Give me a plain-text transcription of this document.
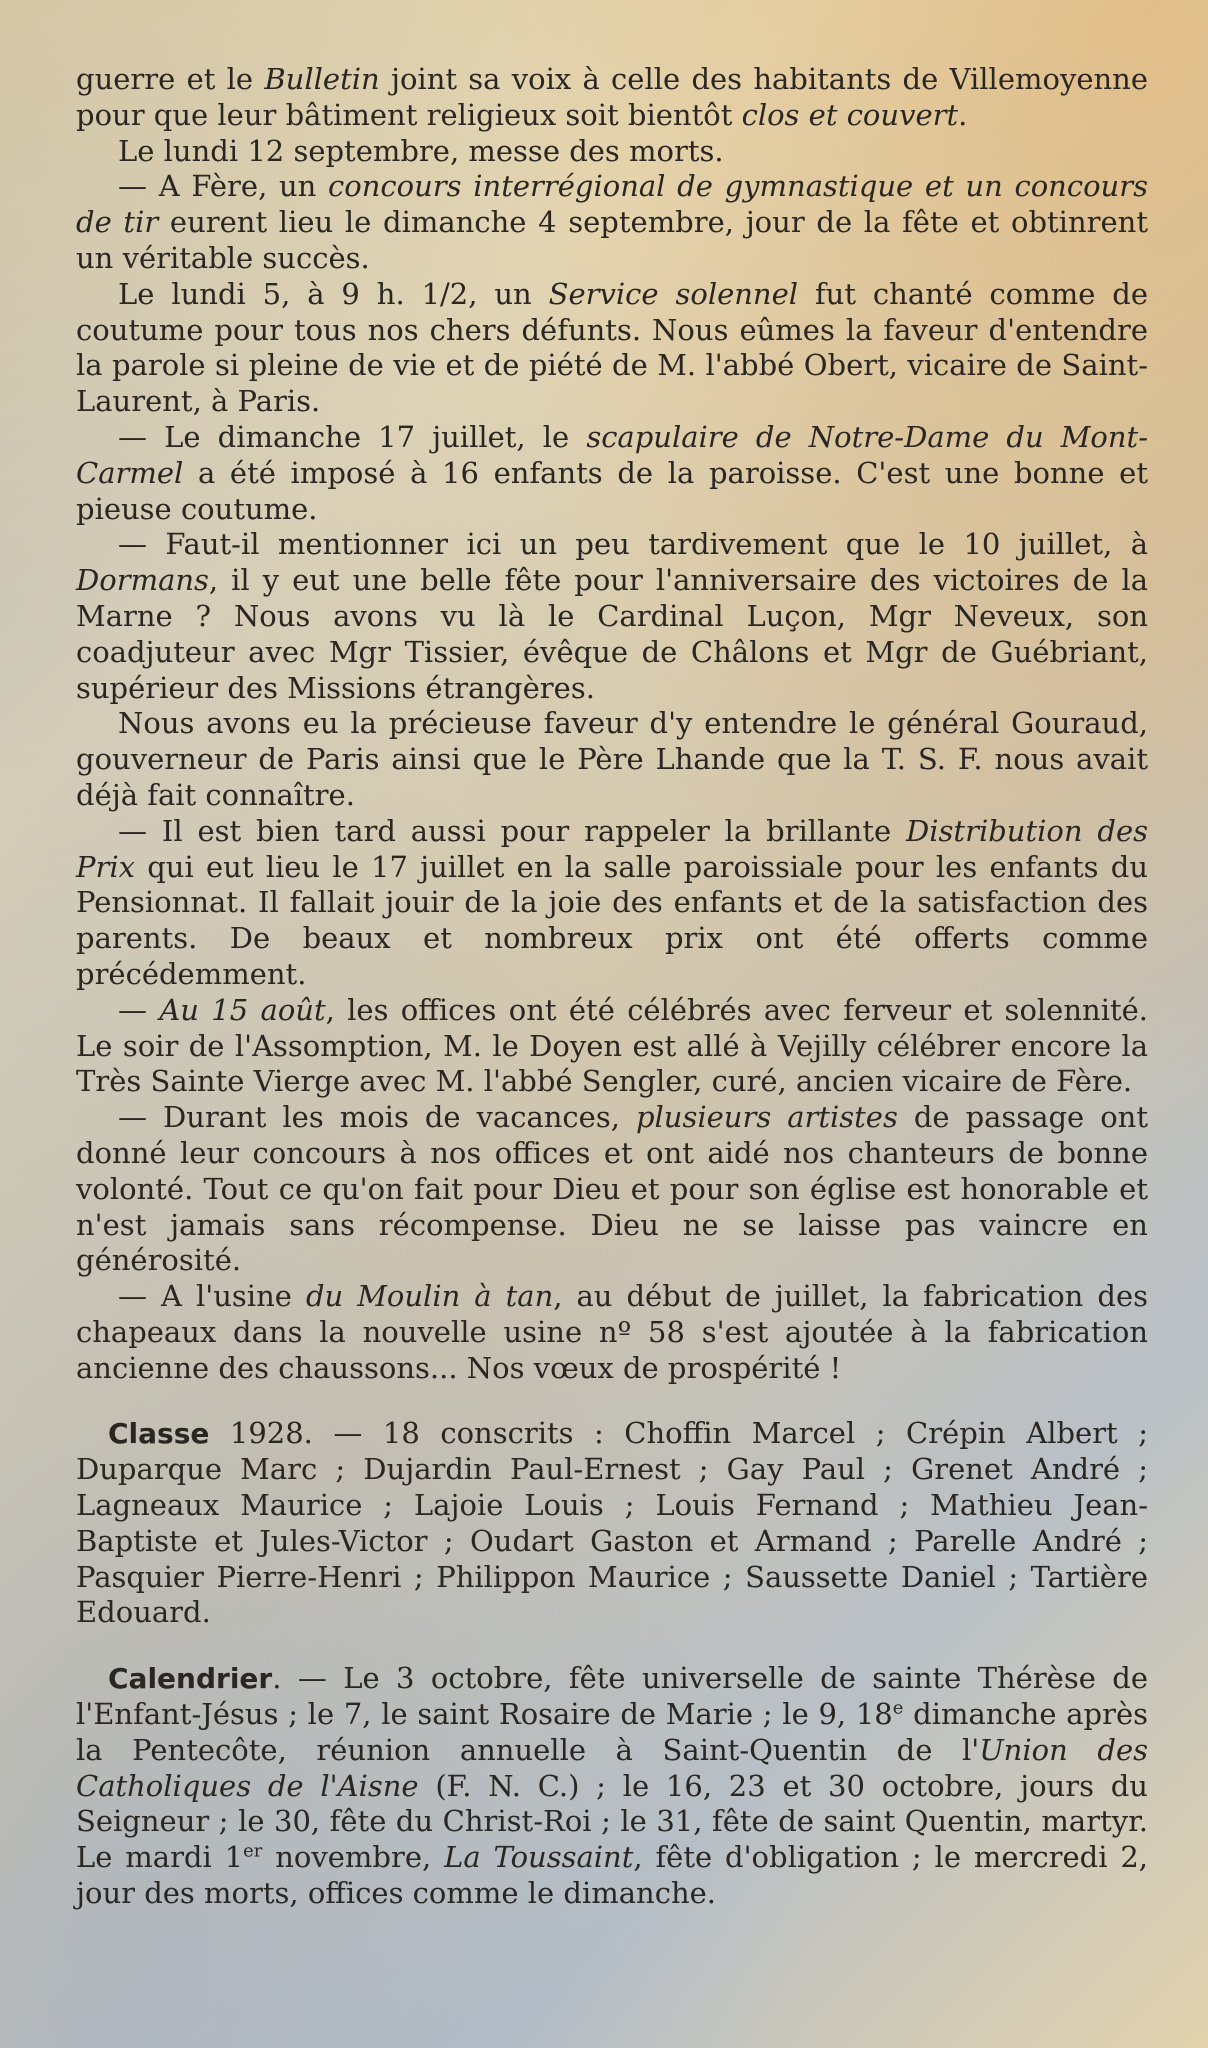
guerre et le Bulletin joint sa voix à celle des habitants de Villemoyenne pour que leur bâtiment religieux soit bientôt clos et couvert.

Le lundi 12 septembre, messe des morts.

— A Fère, un concours interrégional de gymnastique et un concours de tir eurent lieu le dimanche 4 septembre, jour de la fête et obtinrent un véritable succès.

Le lundi 5, à 9 h. 1/2, un Service solennel fut chanté comme de coutume pour tous nos chers défunts. Nous eûmes la faveur d'entendre la parole si pleine de vie et de piété de M. l'abbé Obert, vicaire de Saint-Laurent, à Paris.

— Le dimanche 17 juillet, le scapulaire de Notre-Dame du Mont-Carmel a été imposé à 16 enfants de la paroisse. C'est une bonne et pieuse coutume.

— Faut-il mentionner ici un peu tardivement que le 10 juillet, à Dormans, il y eut une belle fête pour l'anniversaire des victoires de la Marne ? Nous avons vu là le Cardinal Luçon, Mgr Neveux, son coadjuteur avec Mgr Tissier, évêque de Châlons et Mgr de Guébriant, supérieur des Missions étrangères.

Nous avons eu la précieuse faveur d'y entendre le général Gouraud, gouverneur de Paris ainsi que le Père Lhande que la T. S. F. nous avait déjà fait connaître.

— Il est bien tard aussi pour rappeler la brillante Distribution des Prix qui eut lieu le 17 juillet en la salle paroissiale pour les enfants du Pensionnat. Il fallait jouir de la joie des enfants et de la satisfaction des parents. De beaux et nombreux prix ont été offerts comme précédemment.

— Au 15 août, les offices ont été célébrés avec ferveur et solennité. Le soir de l'Assomption, M. le Doyen est allé à Vejilly célébrer encore la Très Sainte Vierge avec M. l'abbé Sengler, curé, ancien vicaire de Fère.

— Durant les mois de vacances, plusieurs artistes de passage ont donné leur concours à nos offices et ont aidé nos chanteurs de bonne volonté. Tout ce qu'on fait pour Dieu et pour son église est honorable et n'est jamais sans récompense. Dieu ne se laisse pas vaincre en générosité.

— A l'usine du Moulin à tan, au début de juillet, la fabrication des chapeaux dans la nouvelle usine nº 58 s'est ajoutée à la fabrication ancienne des chaussons... Nos vœux de prospérité !

Classe 1928. — 18 conscrits : Choffin Marcel ; Crépin Albert ; Duparque Marc ; Dujardin Paul-Ernest ; Gay Paul ; Grenet André ; Lagneaux Maurice ; Lajoie Louis ; Louis Fernand ; Mathieu Jean-Baptiste et Jules-Victor ; Oudart Gaston et Armand ; Parelle André ; Pasquier Pierre-Henri ; Philippon Maurice ; Saussette Daniel ; Tartière Edouard.

Calendrier. — Le 3 octobre, fête universelle de sainte Thérèse de l'Enfant-Jésus ; le 7, le saint Rosaire de Marie ; le 9, 18e dimanche après la Pentecôte, réunion annuelle à Saint-Quentin de l'Union des Catholiques de l'Aisne (F. N. C.) ; le 16, 23 et 30 octobre, jours du Seigneur ; le 30, fête du Christ-Roi ; le 31, fête de saint Quentin, martyr. Le mardi 1er novembre, La Toussaint, fête d'obligation ; le mercredi 2, jour des morts, offices comme le dimanche.
